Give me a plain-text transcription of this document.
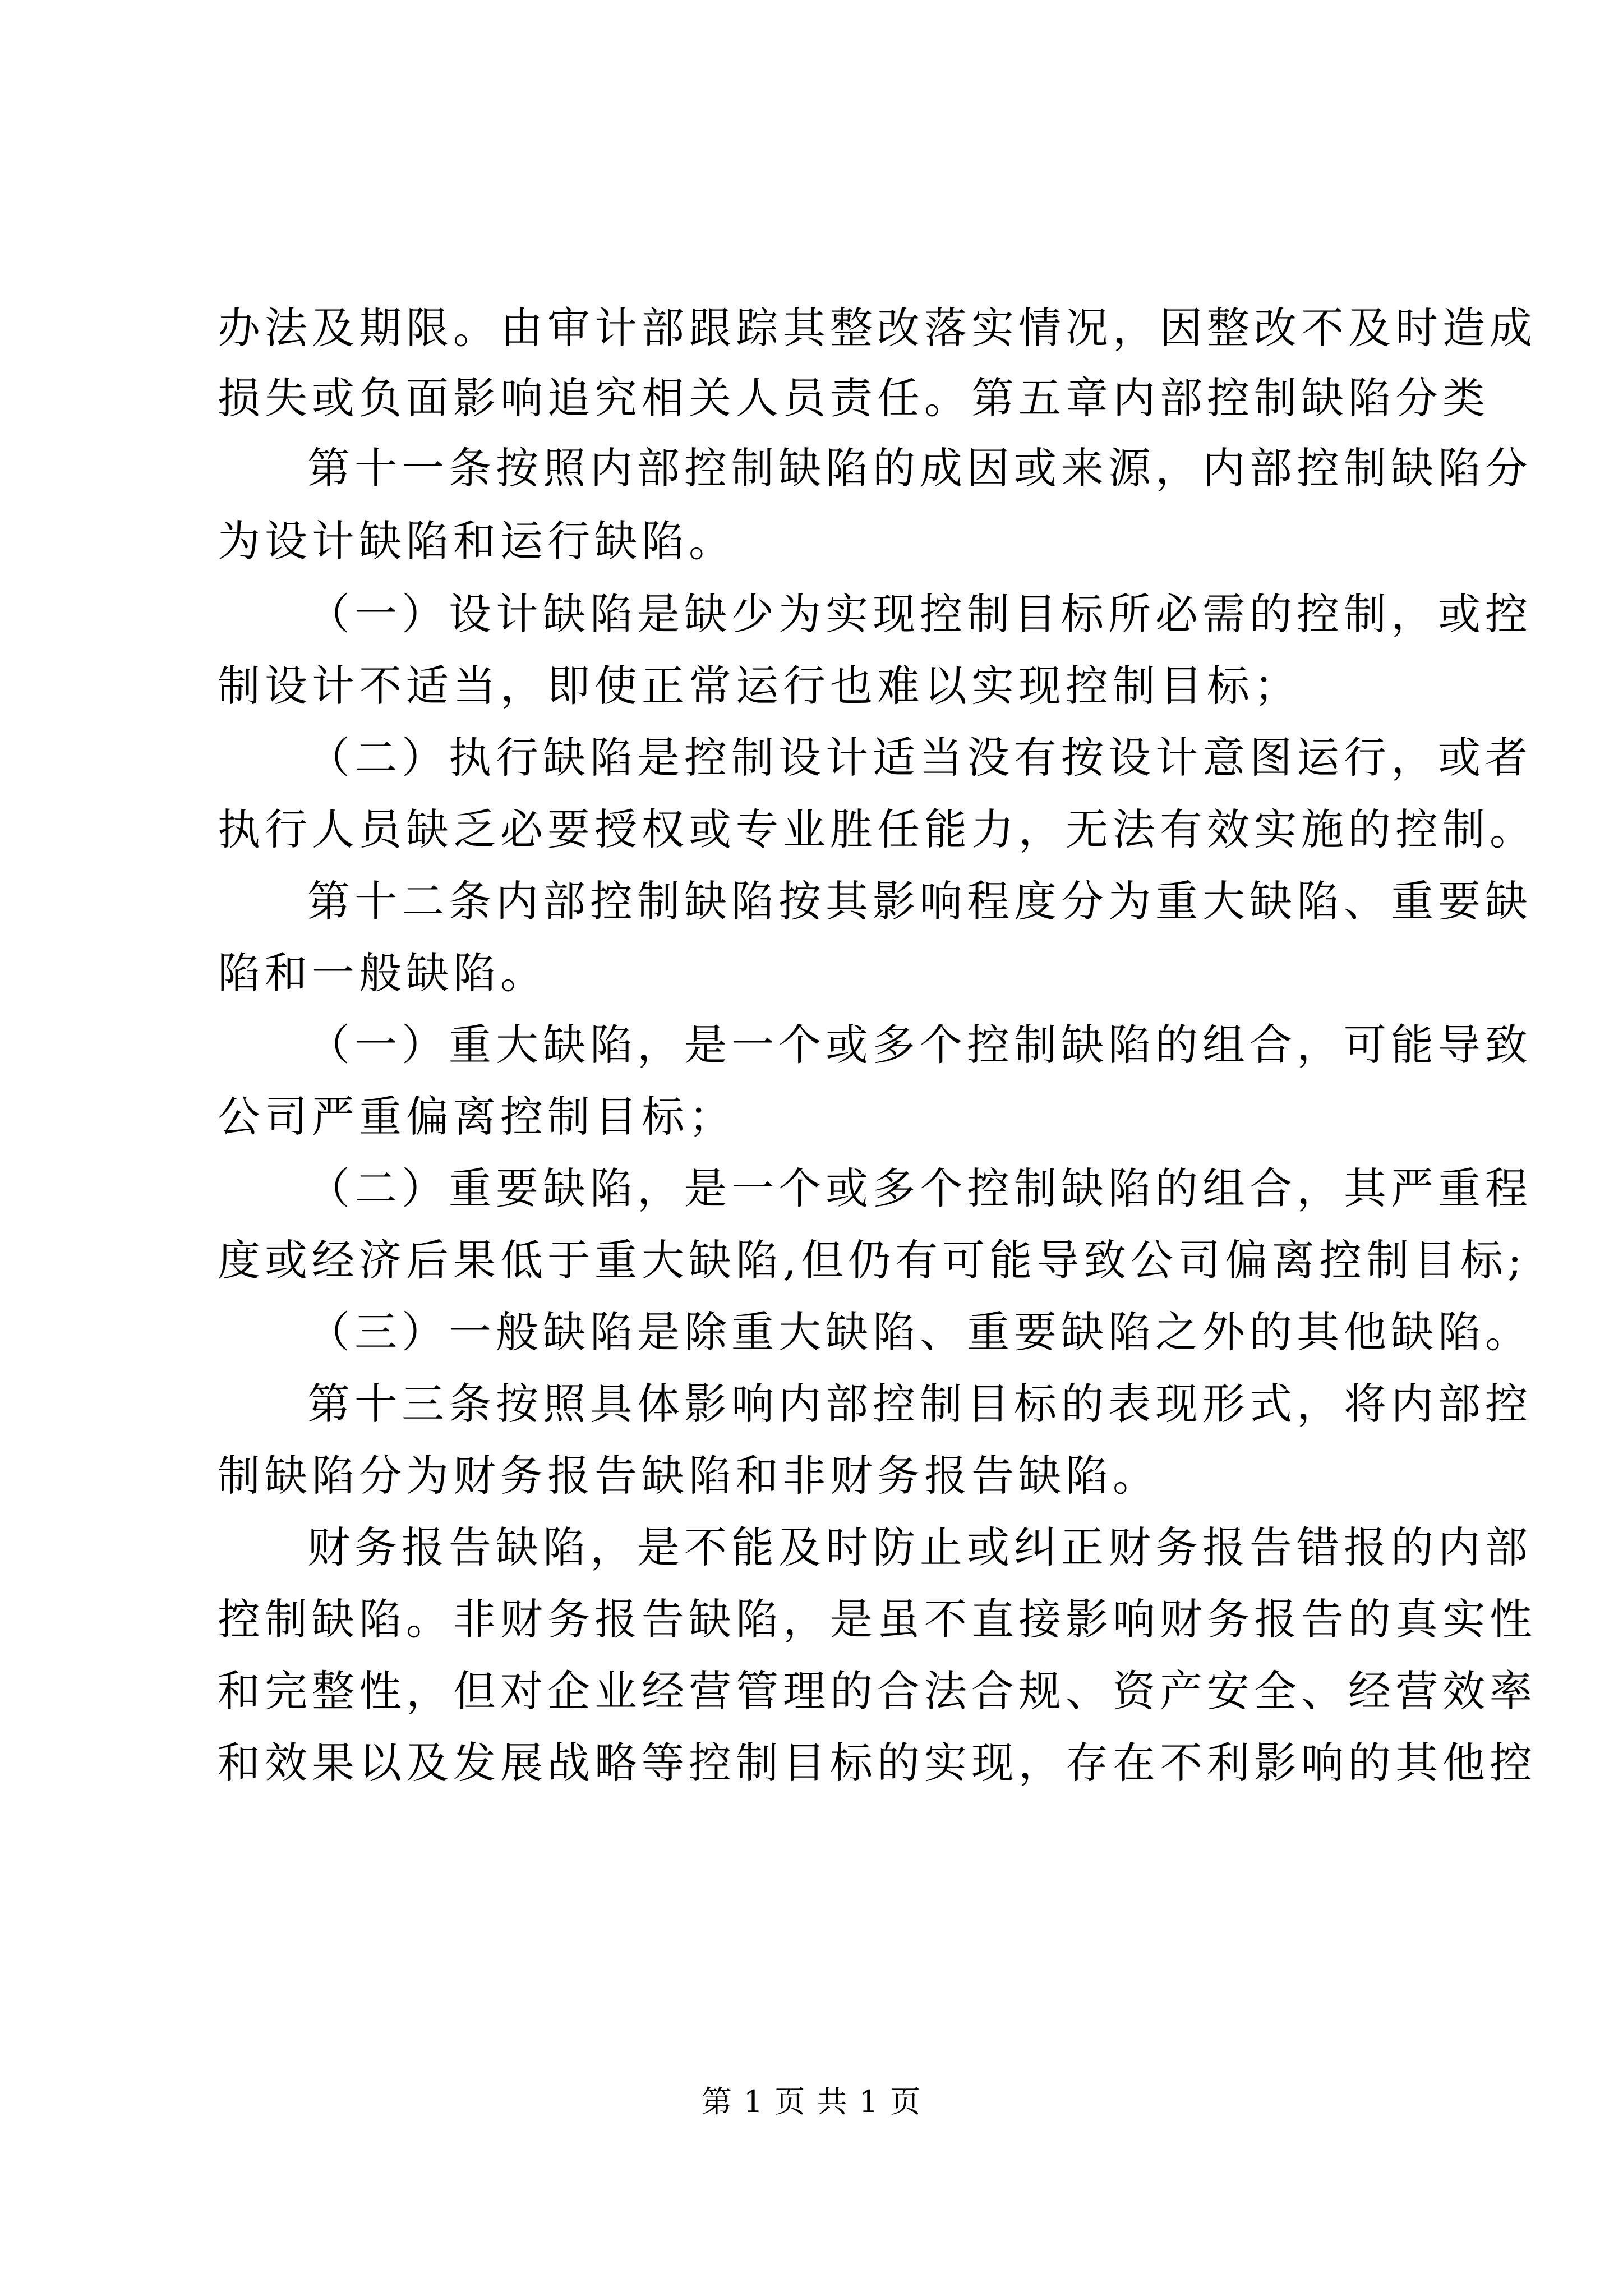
办法及期限。由审计部跟踪其整改落实情况，因整改不及时造成
损失或负面影响追究相关人员责任。第五章内部控制缺陷分类
第十一条按照内部控制缺陷的成因或来源，内部控制缺陷分
为设计缺陷和运行缺陷。
（一）设计缺陷是缺少为实现控制目标所必需的控制，或控
制设计不适当，即使正常运行也难以实现控制目标；
（二）执行缺陷是控制设计适当没有按设计意图运行，或者
执行人员缺乏必要授权或专业胜任能力，无法有效实施的控制。
第十二条内部控制缺陷按其影响程度分为重大缺陷、重要缺
陷和一般缺陷。
（一）重大缺陷，是一个或多个控制缺陷的组合，可能导致
公司严重偏离控制目标；
（二）重要缺陷，是一个或多个控制缺陷的组合，其严重程
度或经济后果低于重大缺陷,但仍有可能导致公司偏离控制目标;
（三）一般缺陷是除重大缺陷、重要缺陷之外的其他缺陷。
第十三条按照具体影响内部控制目标的表现形式，将内部控
制缺陷分为财务报告缺陷和非财务报告缺陷。
财务报告缺陷，是不能及时防止或纠正财务报告错报的内部
控制缺陷。非财务报告缺陷，是虽不直接影响财务报告的真实性
和完整性，但对企业经营管理的合法合规、资产安全、经营效率
和效果以及发展战略等控制目标的实现，存在不利影响的其他控
第 1 页 共 1 页
